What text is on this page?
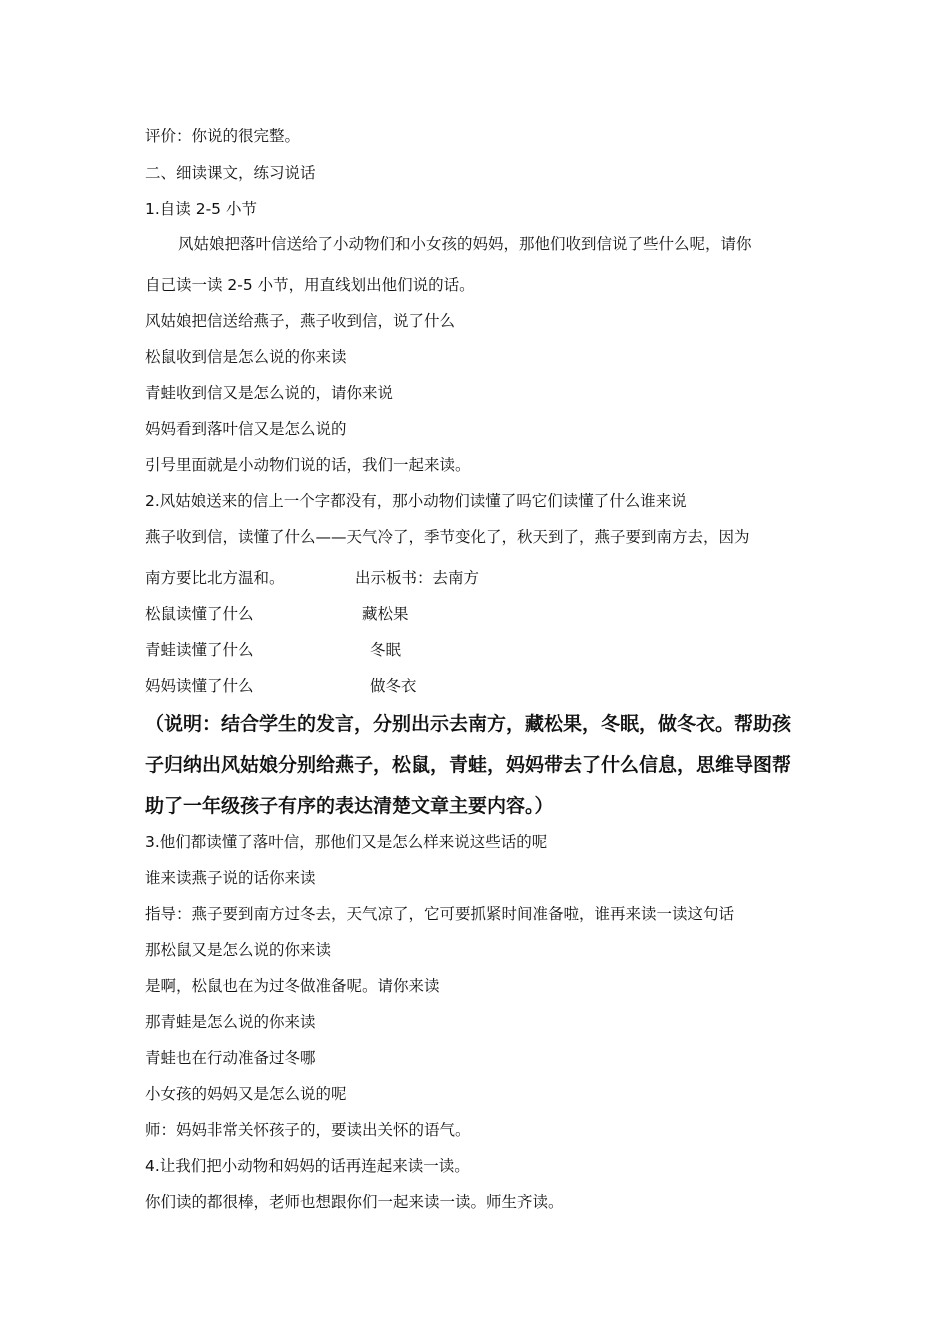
评价：你说的很完整。

二、细读课文，练习说话

1.自读 2-5 小节

风姑娘把落叶信送给了小动物们和小女孩的妈妈，那他们收到信说了些什么呢，请你

自己读一读 2-5 小节，用直线划出他们说的话。

风姑娘把信送给燕子，燕子收到信，说了什么

松鼠收到信是怎么说的你来读

青蛙收到信又是怎么说的，请你来说

妈妈看到落叶信又是怎么说的

引号里面就是小动物们说的话，我们一起来读。

2.风姑娘送来的信上一个字都没有，那小动物们读懂了吗它们读懂了什么谁来说

燕子收到信，读懂了什么——天气冷了，季节变化了，秋天到了，燕子要到南方去，因为

南方要比北方温和。	出示板书：去南方

松鼠读懂了什么	藏松果

青蛙读懂了什么	冬眠

妈妈读懂了什么	做冬衣

（说明：结合学生的发言，分别出示去南方，藏松果，冬眠，做冬衣。帮助孩

子归纳出风姑娘分别给燕子，松鼠，青蛙，妈妈带去了什么信息，思维导图帮

助了一年级孩子有序的表达清楚文章主要内容。）

3.他们都读懂了落叶信，那他们又是怎么样来说这些话的呢

谁来读燕子说的话你来读

指导：燕子要到南方过冬去，天气凉了，它可要抓紧时间准备啦，谁再来读一读这句话

那松鼠又是怎么说的你来读

是啊，松鼠也在为过冬做准备呢。请你来读

那青蛙是怎么说的你来读

青蛙也在行动准备过冬哪

小女孩的妈妈又是怎么说的呢

师：妈妈非常关怀孩子的，要读出关怀的语气。

4.让我们把小动物和妈妈的话再连起来读一读。

你们读的都很棒，老师也想跟你们一起来读一读。师生齐读。
